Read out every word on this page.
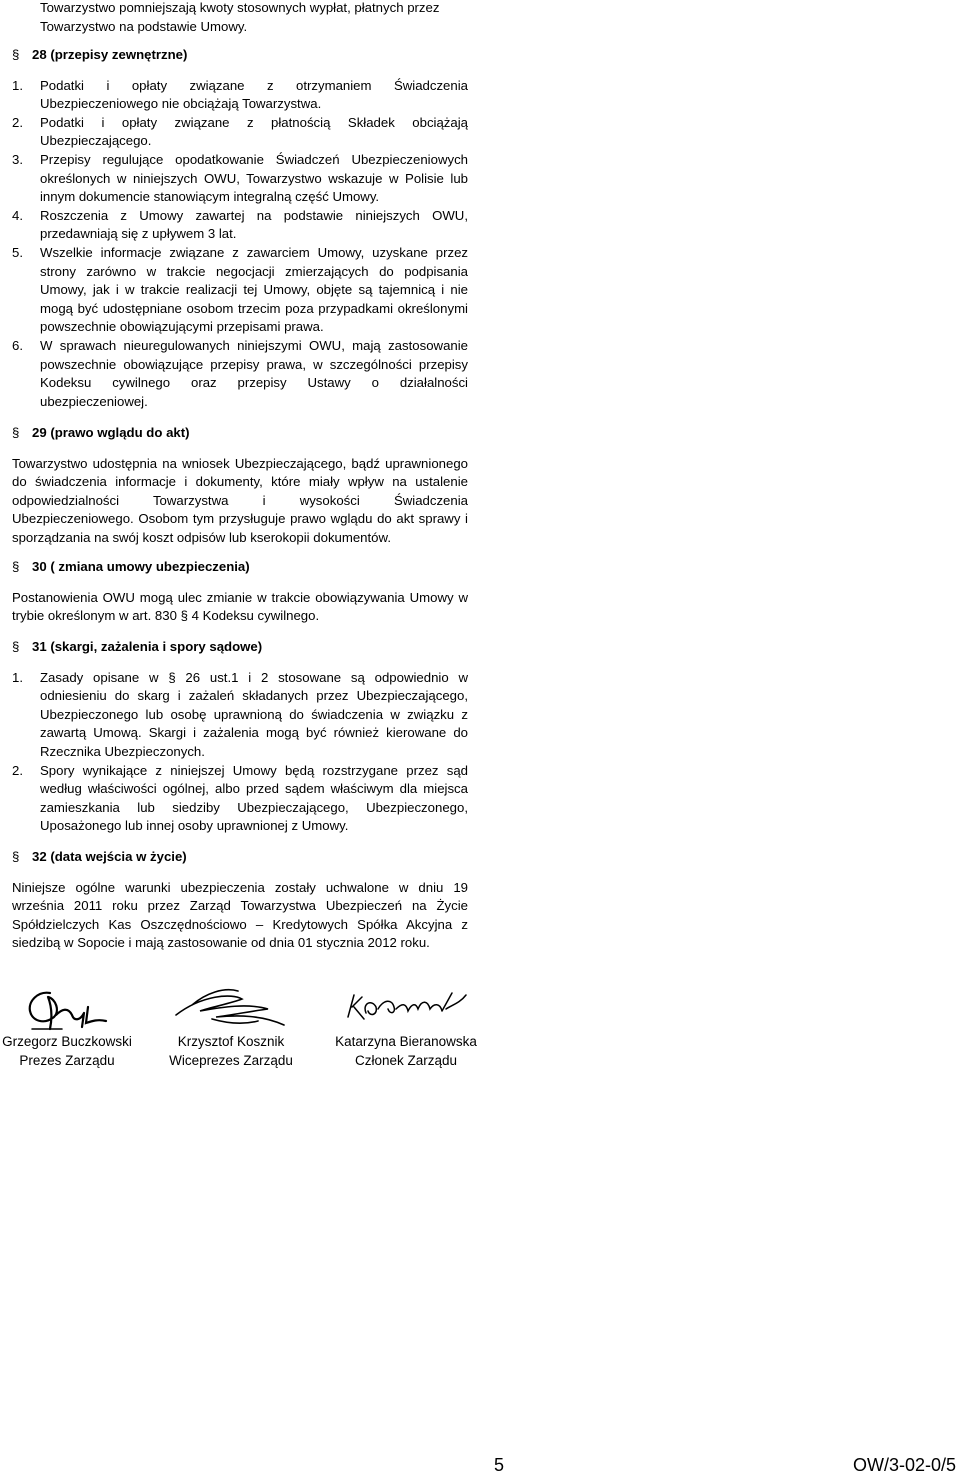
Towarzystwo pomniejszają kwoty stosownych wypłat, płatnych przez
Towarzystwo na podstawie Umowy.

§ 28 (przepisy zewnętrzne)

1. Podatki i opłaty związane z otrzymaniem Świadczenia Ubezpieczeniowego nie obciążają Towarzystwa.
2. Podatki i opłaty związane z płatnością Składek obciążają Ubezpieczającego.
3. Przepisy regulujące opodatkowanie Świadczeń Ubezpieczeniowych określonych w niniejszych OWU, Towarzystwo wskazuje w Polisie lub innym dokumencie stanowiącym integralną część Umowy.
4. Roszczenia z Umowy zawartej na podstawie niniejszych OWU, przedawniają się z upływem 3 lat.
5. Wszelkie informacje związane z zawarciem Umowy, uzyskane przez strony zarówno w trakcie negocjacji zmierzających do podpisania Umowy, jak i w trakcie realizacji tej Umowy, objęte są tajemnicą i nie mogą być udostępniane osobom trzecim poza przypadkami określonymi powszechnie obowiązującymi przepisami prawa.
6. W sprawach nieuregulowanych niniejszymi OWU, mają zastosowanie powszechnie obowiązujące przepisy prawa, w szczególności przepisy Kodeksu cywilnego oraz przepisy Ustawy o działalności ubezpieczeniowej.

§ 29 (prawo wglądu do akt)

Towarzystwo udostępnia na wniosek Ubezpieczającego, bądź uprawnionego do świadczenia informacje i dokumenty, które miały wpływ na ustalenie odpowiedzialności Towarzystwa i wysokości Świadczenia Ubezpieczeniowego. Osobom tym przysługuje prawo wglądu do akt sprawy i sporządzania na swój koszt odpisów lub kserokopii dokumentów.

§ 30 ( zmiana umowy ubezpieczenia)

Postanowienia OWU mogą ulec zmianie w trakcie obowiązywania Umowy w trybie określonym w art. 830 § 4 Kodeksu cywilnego.

§ 31 (skargi, zażalenia i spory sądowe)

1. Zasady opisane w § 26 ust.1 i 2 stosowane są odpowiednio w odniesieniu do skarg i zażaleń składanych przez Ubezpieczającego, Ubezpieczonego lub osobę uprawnioną do świadczenia w związku z zawartą Umową. Skargi i zażalenia mogą być również kierowane do Rzecznika Ubezpieczonych.
2. Spory wynikające z niniejszej Umowy będą rozstrzygane przez sąd według właściwości ogólnej, albo przed sądem właściwym dla miejsca zamieszkania lub siedziby Ubezpieczającego, Ubezpieczonego, Uposażonego lub innej osoby uprawnionej z Umowy.

§ 32 (data wejścia w życie)

Niniejsze ogólne warunki ubezpieczenia zostały uchwalone w dniu 19 września 2011 roku przez Zarząd Towarzystwa Ubezpieczeń na Życie Spółdzielczych Kas Oszczędnościowo – Kredytowych Spółka Akcyjna z siedzibą w Sopocie i mają zastosowanie od dnia 01 stycznia 2012 roku.

Grzegorz Buczkowski
Prezes Zarządu
Krzysztof Kosznik
Wiceprezes Zarządu
Katarzyna Bieranowska
Członek Zarządu
5	OW/3-02-0/5
